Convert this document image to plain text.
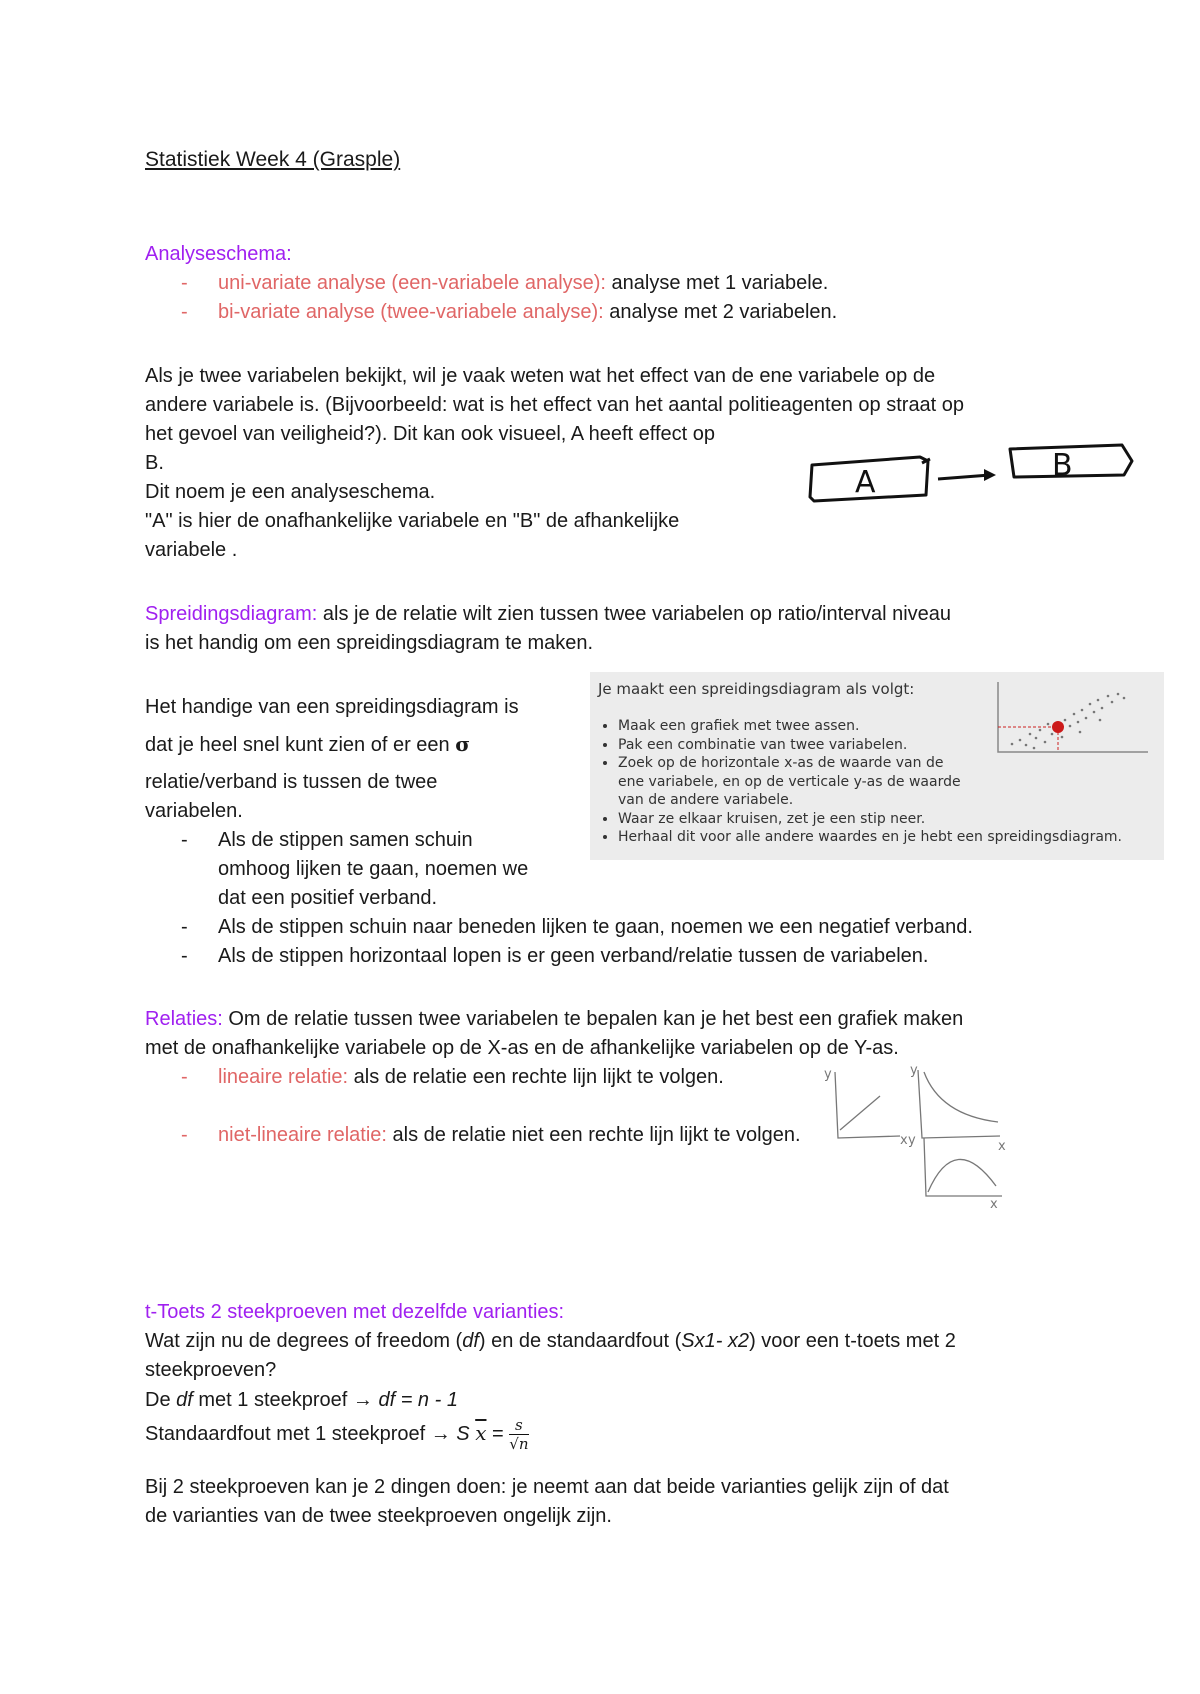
Statistiek Week 4 (Grasple)
Analyseschema:
- uni-variate analyse (een-variabele analyse): analyse met 1 variabele.
- bi-variate analyse (twee-variabele analyse): analyse met 2 variabelen.
Als je twee variabelen bekijkt, wil je vaak weten wat het effect van de ene variabele op de
andere variabele is. (Bijvoorbeeld: wat is het effect van het aantal politieagenten op straat op
het gevoel van veiligheid?). Dit kan ook visueel, A heeft effect op
B.
Dit noem je een analyseschema.
"A" is hier de onafhankelijke variabele en "B" de afhankelijke
variabele .
A	B
Spreidingsdiagram: als je de relatie wilt zien tussen twee variabelen op ratio/interval niveau
is het handig om een spreidingsdiagram te maken.
Het handige van een spreidingsdiagram is
dat je heel snel kunt zien of er een σ
relatie/verband is tussen de twee
variabelen.
- Als de stippen samen schuin
omhoog lijken te gaan, noemen we
dat een positief verband.
- Als de stippen schuin naar beneden lijken te gaan, noemen we een negatief verband.
- Als de stippen horizontaal lopen is er geen verband/relatie tussen de variabelen.
Je maakt een spreidingsdiagram als volgt:
• Maak een grafiek met twee assen.
• Pak een combinatie van twee variabelen.
• Zoek op de horizontale x-as de waarde van de ene variabele, en op de verticale y-as de waarde van de andere variabele.
• Waar ze elkaar kruisen, zet je een stip neer.
• Herhaal dit voor alle andere waardes en je hebt een spreidingsdiagram.
Relaties: Om de relatie tussen twee variabelen te bepalen kan je het best een grafiek maken
met de onafhankelijke variabele op de X-as en de afhankelijke variabelen op de Y-as.
- lineaire relatie: als de relatie een rechte lijn lijkt te volgen.
- niet-lineaire relatie: als de relatie niet een rechte lijn lijkt te volgen.
y
x
y
x
y
x
t-Toets 2 steekproeven met dezelfde varianties:
Wat zijn nu de degrees of freedom (df) en de standaardfout (Sx1- x2) voor een t-toets met 2
steekproeven?
De df met 1 steekproef → df = n - 1
Standaardfout met 1 steekproef → S $\overline{x} = \frac{s}{√n}$
Bij 2 steekproeven kan je 2 dingen doen: je neemt aan dat beide varianties gelijk zijn of dat
de varianties van de twee steekproeven ongelijk zijn.
